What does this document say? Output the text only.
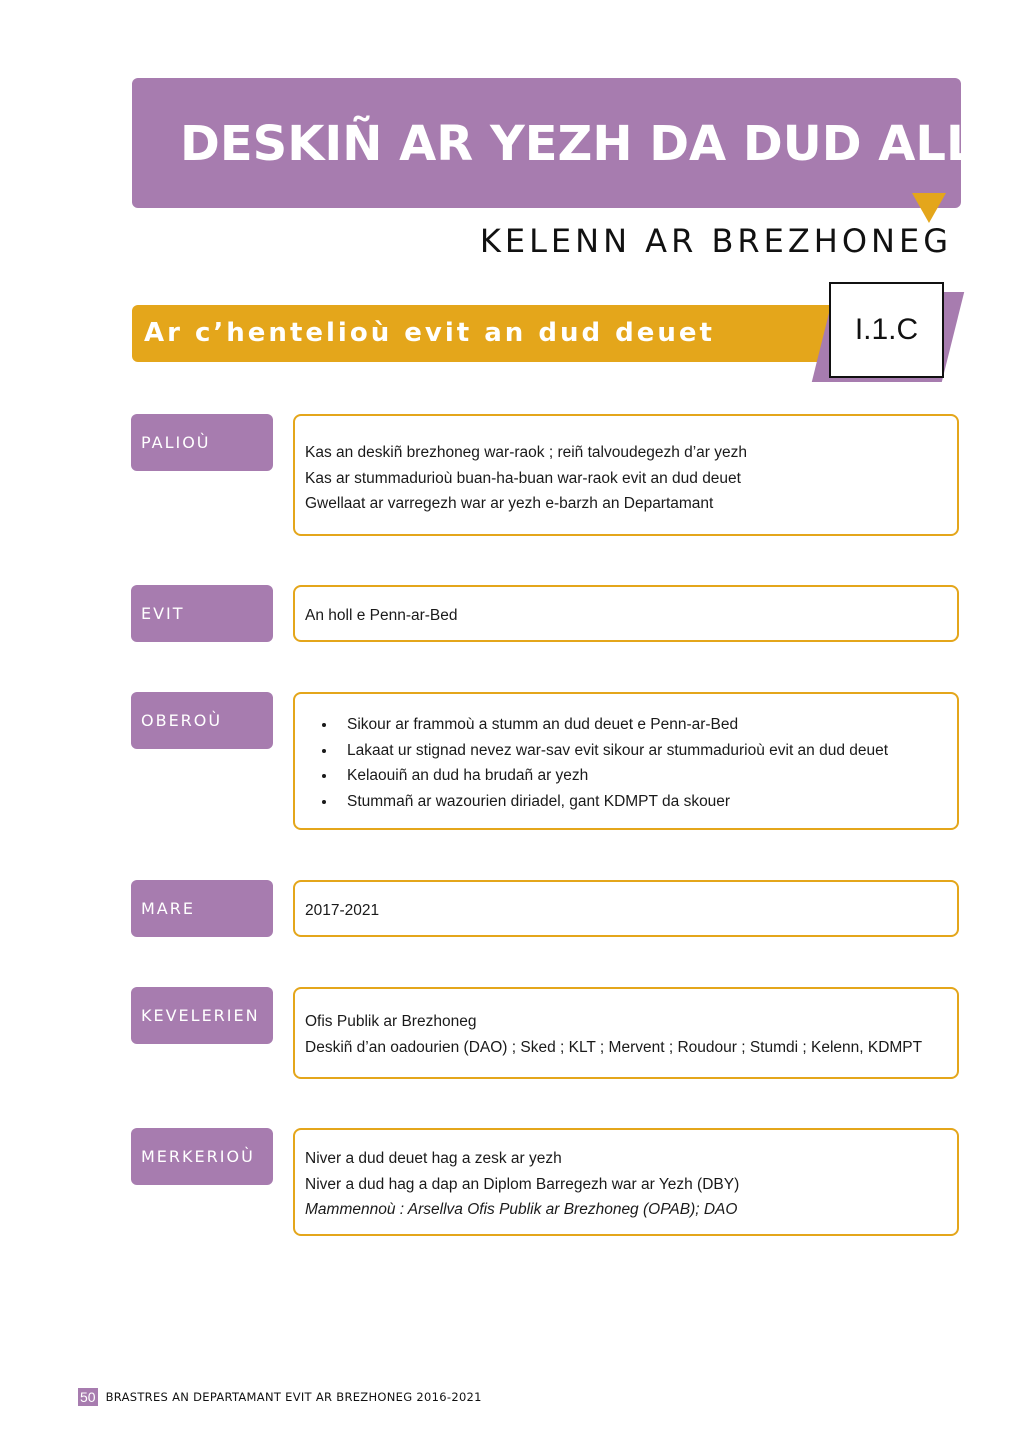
DESKIÑ AR YEZH DA DUD ALL
KELENN AR BREZHONEG
Ar c’hentelioù evit an dud deuet	I.1.C
PALIOÙ
Kas an deskiñ brezhoneg war-raok ; reiñ talvoudegezh d’ar yezh
Kas ar stummadurioù buan-ha-buan war-raok evit an dud deuet
Gwellaat ar varregezh war ar yezh e-barzh an Departamant
EVIT	An holl e Penn-ar-Bed
OBEROÙ
•	Sikour ar frammoù a stumm an dud deuet e Penn-ar-Bed
• Lakaat ur stignad nevez war-sav evit sikour ar stummadurioù evit an dud deuet
• Kelaouiñ an dud ha brudañ ar yezh
• Stummañ ar wazourien diriadel, gant KDMPT da skouer
MARE	2017-2021
KEVELERIEN	Ofis Publik ar Brezhoneg
Deskiñ d’an oadourien (DAO) ; Sked ; KLT ; Mervent ; Roudour ; Stumdi ; Kelenn, KDMPT
MERKERIOÙ	Niver a dud deuet hag a zesk ar yezh
Niver a dud hag a dap an Diplom Barregezh war ar Yezh (DBY)
Mammennoù : Arsellva Ofis Publik ar Brezhoneg (OPAB); DAO
50 BRASTRES AN DEPARTAMANT EVIT AR BREZHONEG 2016-2021
